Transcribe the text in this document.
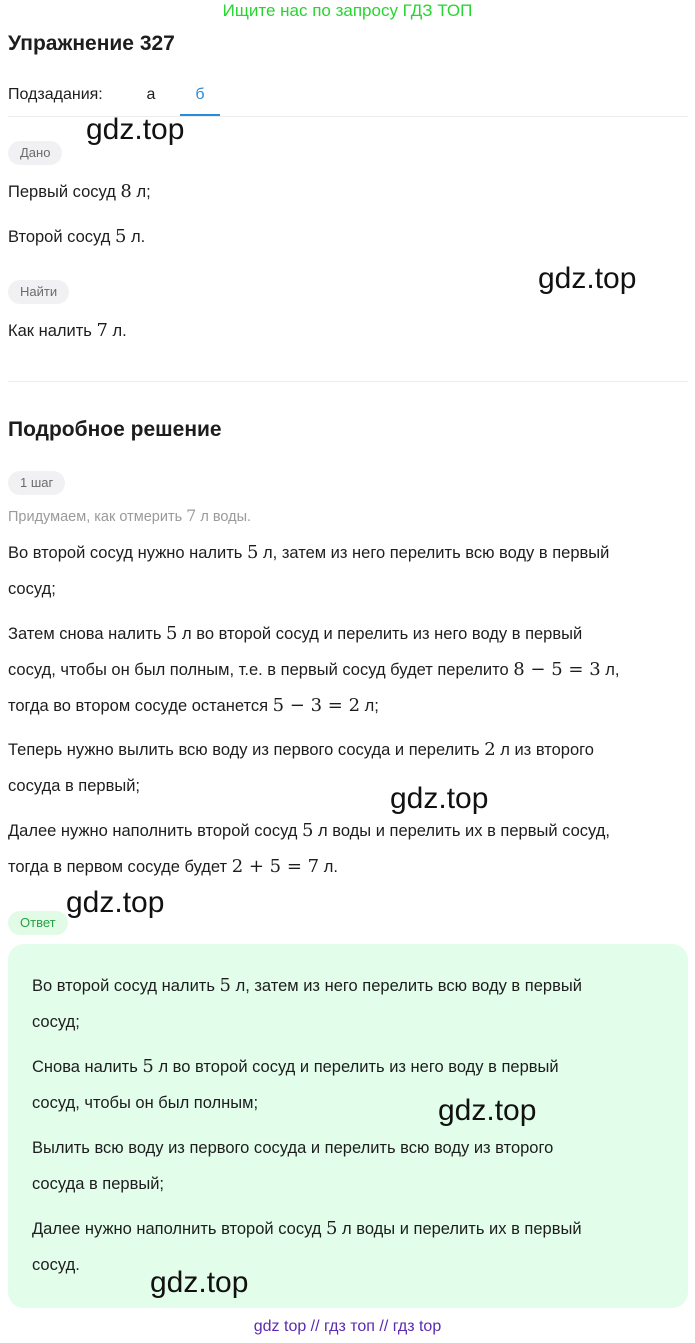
Ищите нас по запросу ГДЗ ТОП
Упражнение 327
Подзадания:	а	б
gdz.top
Дано
Первый сосуд 8 л;
Второй сосуд 5 л.
gdz.top
Найти
Как налить 7 л.
Подробное решение
1 шаг
Придумаем, как отмерить 7 л воды.
Во второй сосуд нужно налить 5 л, затем из него перелить всю воду в первый
сосуд;
Затем снова налить 5 л во второй сосуд и перелить из него воду в первый
сосуд, чтобы он был полным, т.е. в первый сосуд будет перелито 8 − 5 = 3 л,
тогда во втором сосуде останется 5 − 3 = 2 л;
Теперь нужно вылить всю воду из первого сосуда и перелить 2 л из второго
сосуда в первый;	gdz.top
Далее нужно наполнить второй сосуд 5 л воды и перелить их в первый сосуд,
тогда в первом сосуде будет 2 + 5 = 7 л.
Ответ
gdz.top
Во второй сосуд налить 5 л, затем из него перелить всю воду в первый
сосуд;
Снова налить 5 л во второй сосуд и перелить из него воду в первый
сосуд, чтобы он был полным;	gdz.top
Вылить всю воду из первого сосуда и перелить всю воду из второго
сосуда в первый;
Далее нужно наполнить второй сосуд 5 л воды и перелить их в первый
сосуд.
gdz.top
gdz top // гдз топ // гдз top
